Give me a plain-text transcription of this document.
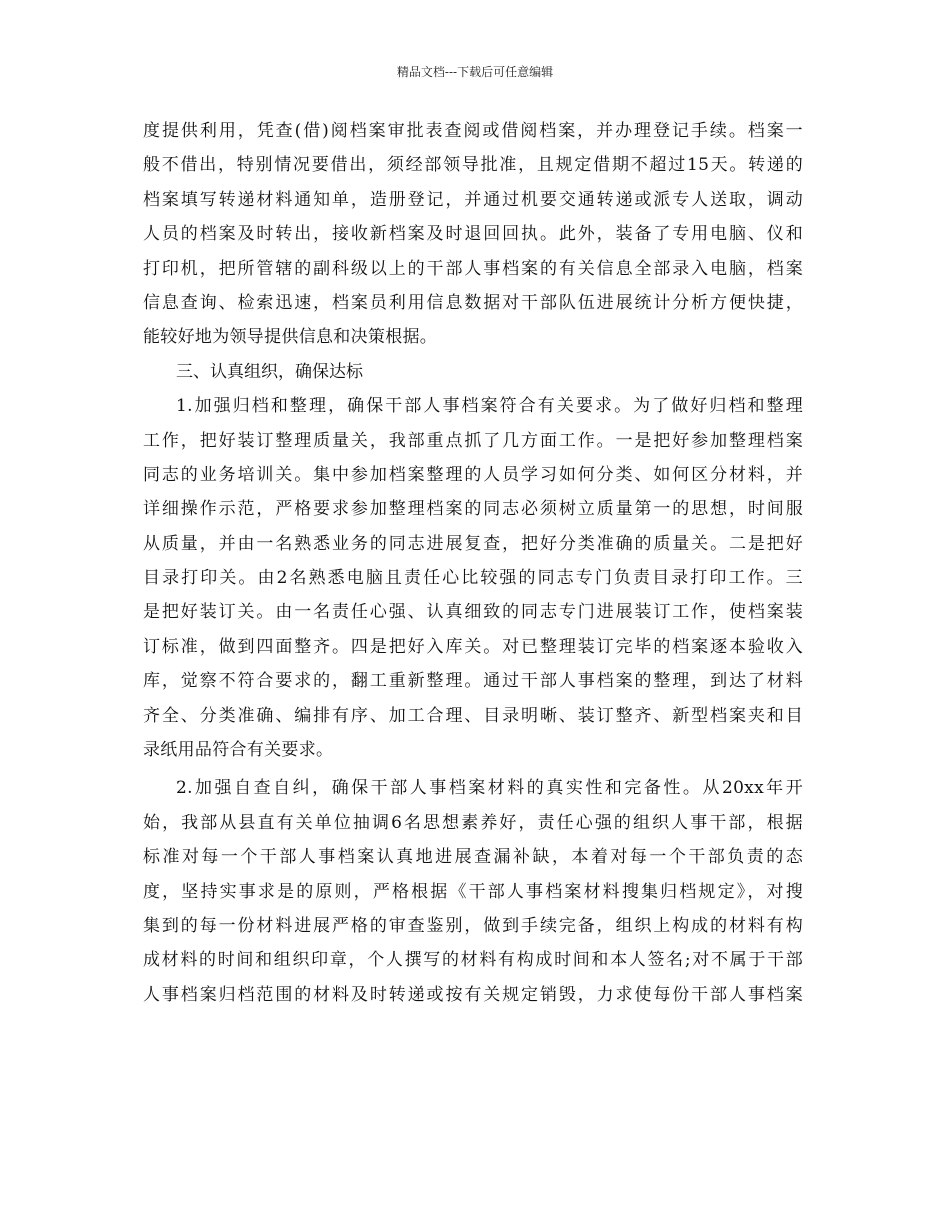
精品文档---下载后可任意编辑
度提供利用，凭查(借)阅档案审批表查阅或借阅档案，并办理登记手续。档案一
般不借出，特别情况要借出，须经部领导批准，且规定借期不超过15天。转递的
档案填写转递材料通知单，造册登记，并通过机要交通转递或派专人送取，调动
人员的档案及时转出，接收新档案及时退回回执。此外，装备了专用电脑、仪和
打印机，把所管辖的副科级以上的干部人事档案的有关信息全部录入电脑，档案
信息查询、检索迅速，档案员利用信息数据对干部队伍进展统计分析方便快捷，
能较好地为领导提供信息和决策根据。
三、认真组织，确保达标
1.加强归档和整理，确保干部人事档案符合有关要求。为了做好归档和整理
工作，把好装订整理质量关，我部重点抓了几方面工作。一是把好参加整理档案
同志的业务培训关。集中参加档案整理的人员学习如何分类、如何区分材料，并
详细操作示范，严格要求参加整理档案的同志必须树立质量第一的思想，时间服
从质量，并由一名熟悉业务的同志进展复查，把好分类准确的质量关。二是把好
目录打印关。由2名熟悉电脑且责任心比较强的同志专门负责目录打印工作。三
是把好装订关。由一名责任心强、认真细致的同志专门进展装订工作，使档案装
订标准，做到四面整齐。四是把好入库关。对已整理装订完毕的档案逐本验收入
库，觉察不符合要求的，翻工重新整理。通过干部人事档案的整理，到达了材料
齐全、分类准确、编排有序、加工合理、目录明晰、装订整齐、新型档案夹和目
录纸用品符合有关要求。
2.加强自查自纠，确保干部人事档案材料的真实性和完备性。从20xx年开
始，我部从县直有关单位抽调6名思想素养好，责任心强的组织人事干部，根据
标准对每一个干部人事档案认真地进展查漏补缺，本着对每一个干部负责的态
度，坚持实事求是的原则，严格根据《干部人事档案材料搜集归档规定》，对搜
集到的每一份材料进展严格的审查鉴别，做到手续完备，组织上构成的材料有构
成材料的时间和组织印章，个人撰写的材料有构成时间和本人签名;对不属于干部
人事档案归档范围的材料及时转递或按有关规定销毁，力求使每份干部人事档案
